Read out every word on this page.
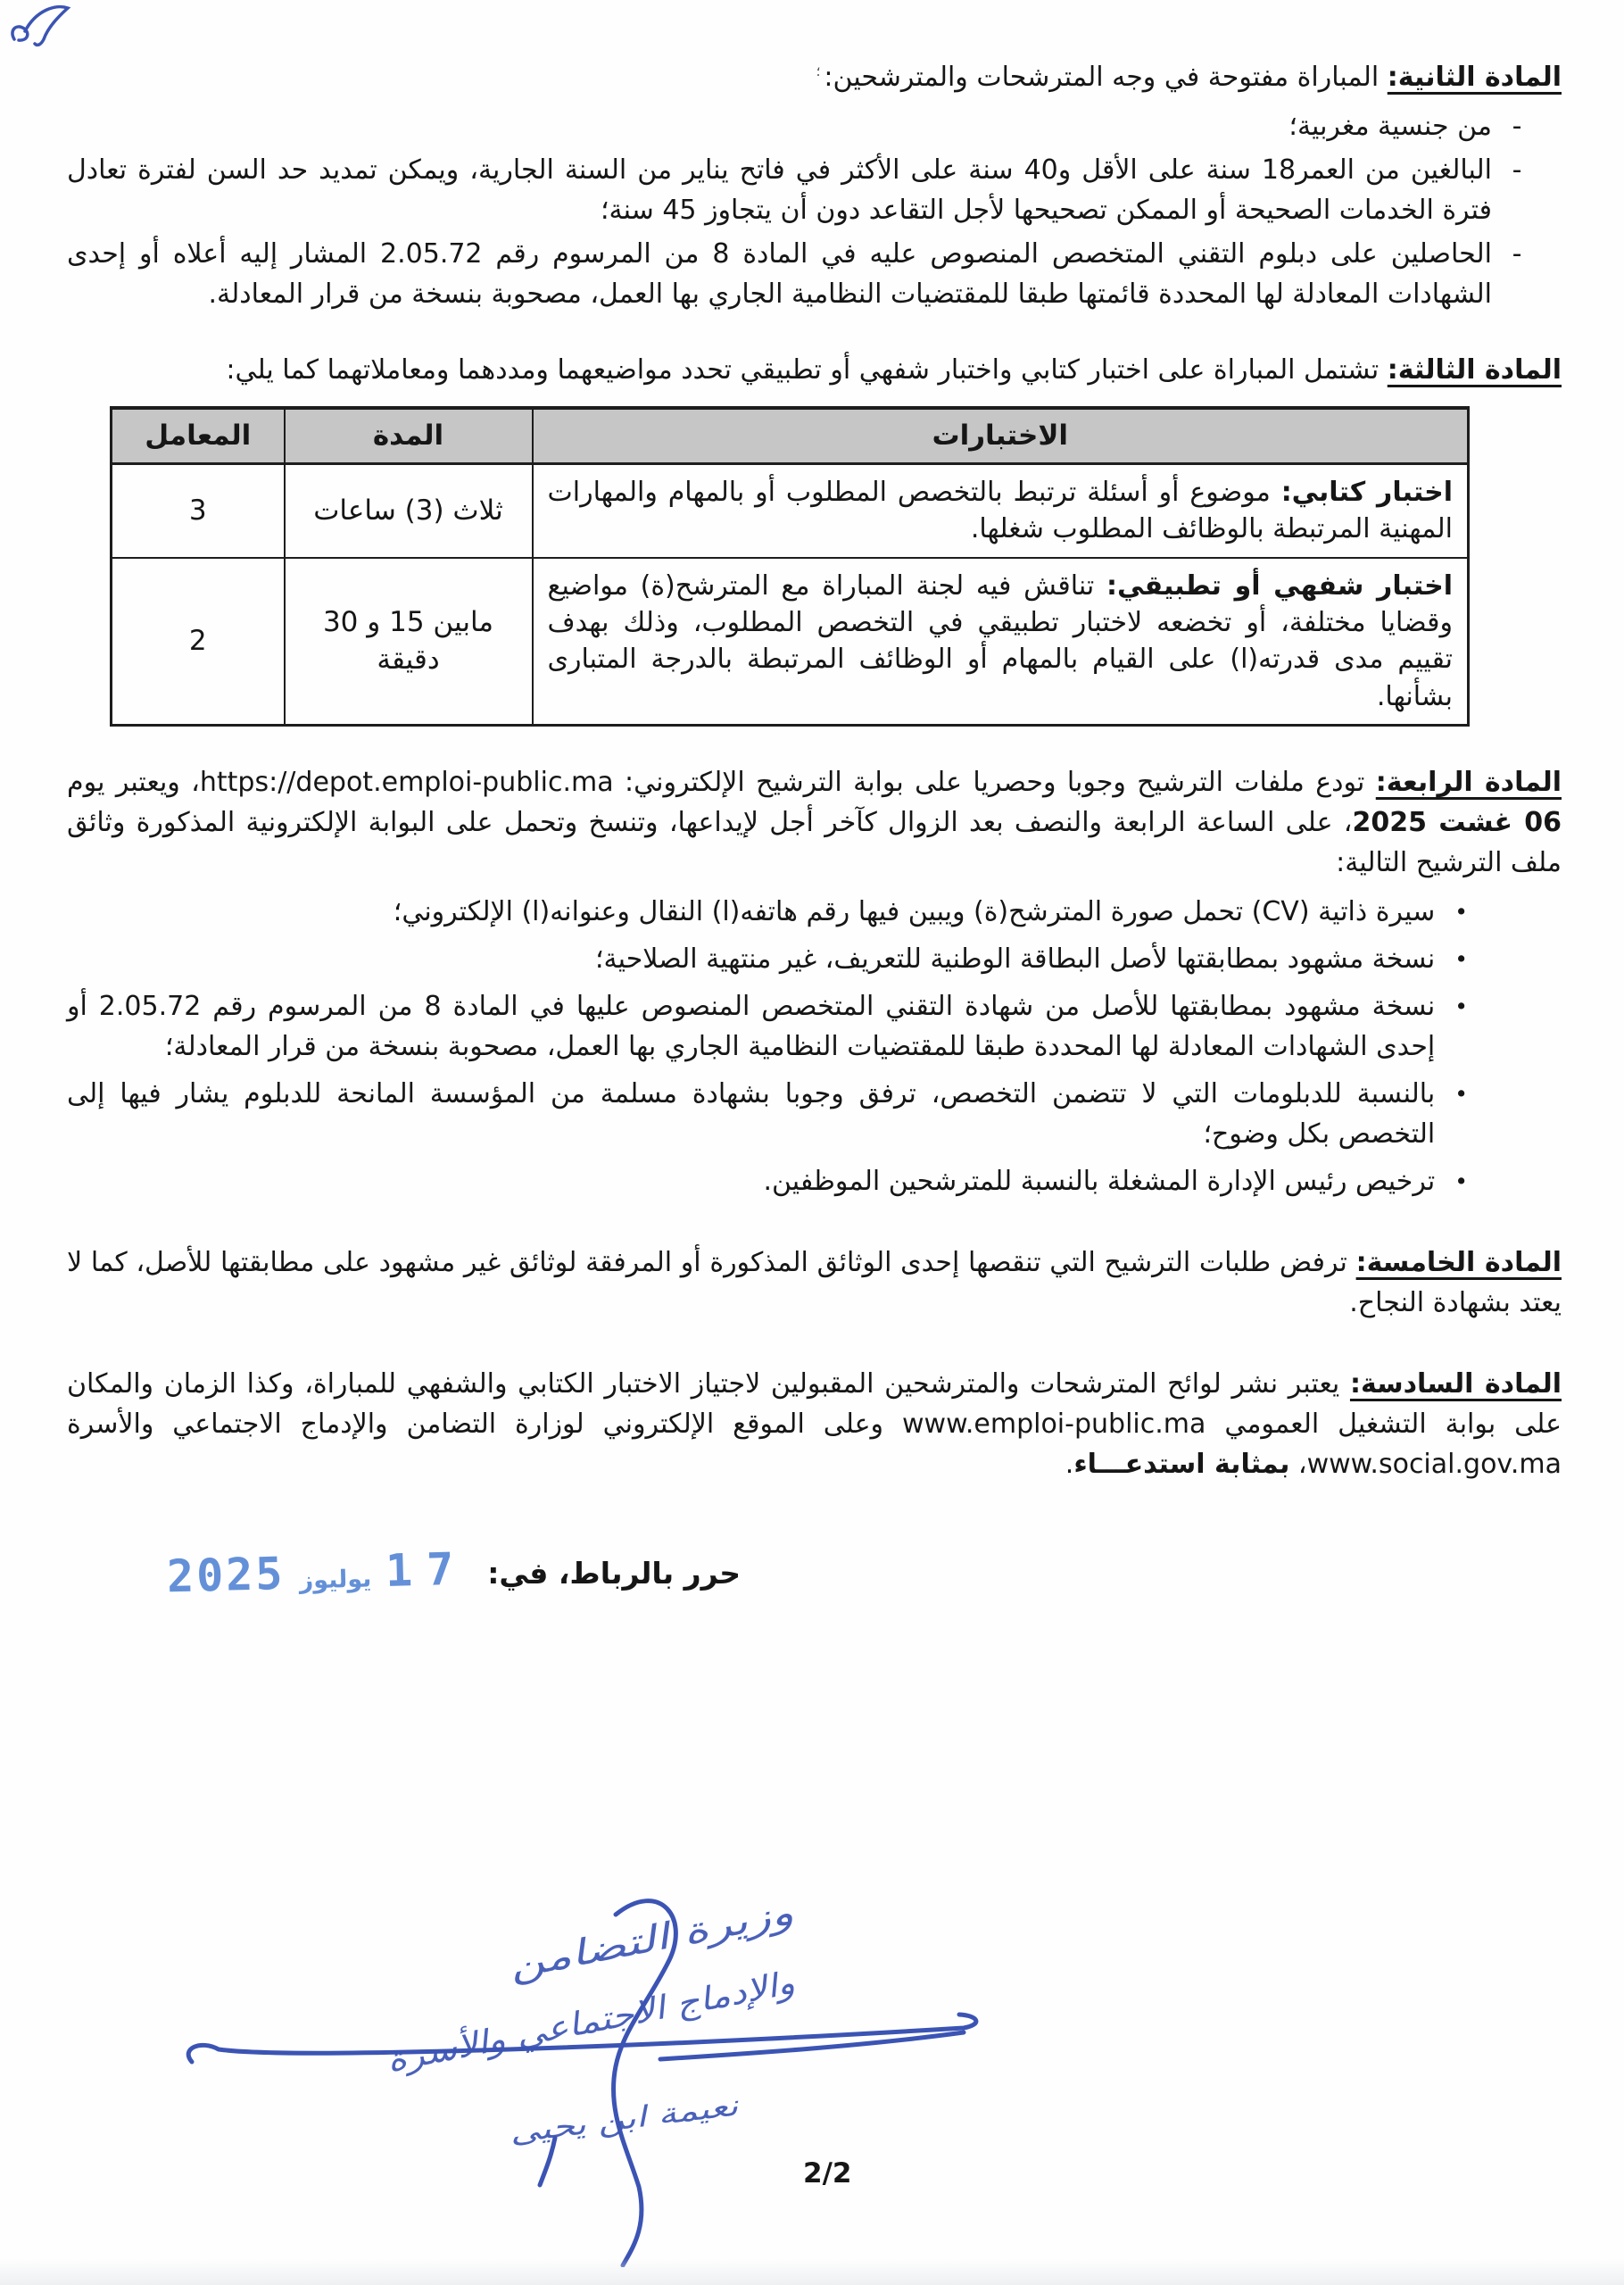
المادة الثانية: المباراة مفتوحة في وجه المترشحات والمترشحين:؛

-

من جنسية مغربية؛

-

البالغين من العمر18 سنة على الأقل و40 سنة على الأكثر في فاتح يناير من السنة الجارية، ويمكن تمديد حد السن لفترة تعادل فترة الخدمات الصحيحة أو الممكن تصحيحها لأجل التقاعد دون أن يتجاوز 45 سنة؛

-

الحاصلين على دبلوم التقني المتخصص المنصوص عليه في المادة 8 من المرسوم رقم 2.05.72 المشار إليه أعلاه أو إحدى الشهادات المعادلة لها المحددة قائمتها طبقا للمقتضيات النظامية الجاري بها العمل، مصحوبة بنسخة من قرار المعادلة.

المادة الثالثة: تشتمل المباراة على اختبار كتابي واختبار شفهي أو تطبيقي تحدد مواضيعهما ومددهما ومعاملاتهما كما يلي:

الاختبارات	المدة	المعامل
اختبار كتابي: موضوع أو أسئلة ترتبط بالتخصص المطلوب أو بالمهام والمهارات المهنية المرتبطة بالوظائف المطلوب شغلها.	ثلاث (3) ساعات	3
اختبار شفهي أو تطبيقي: تناقش فيه لجنة المباراة مع المترشح(ة) مواضيع وقضايا مختلفة، أو تخضعه لاختبار تطبيقي في التخصص المطلوب، وذلك بهدف تقييم مدى قدرته(ا) على القيام بالمهام أو الوظائف المرتبطة بالدرجة المتبارى بشأنها.	مابين 15 و 30 دقيقة	2

المادة الرابعة: تودع ملفات الترشيح وجوبا وحصريا على بوابة الترشيح الإلكتروني: https://depot.emploi-public.ma، ويعتبر يوم 06 غشت 2025، على الساعة الرابعة والنصف بعد الزوال كآخر أجل لإيداعها، وتنسخ وتحمل على البوابة الإلكترونية المذكورة وثائق ملف الترشيح التالية:

•

سيرة ذاتية (CV) تحمل صورة المترشح(ة) ويبين فيها رقم هاتفه(ا) النقال وعنوانه(ا) الإلكتروني؛

•

نسخة مشهود بمطابقتها لأصل البطاقة الوطنية للتعريف، غير منتهية الصلاحية؛

•

نسخة مشهود بمطابقتها للأصل من شهادة التقني المتخصص المنصوص عليها في المادة 8 من المرسوم رقم 2.05.72 أو إحدى الشهادات المعادلة لها المحددة طبقا للمقتضيات النظامية الجاري بها العمل، مصحوبة بنسخة من قرار المعادلة؛

•

بالنسبة للدبلومات التي لا تتضمن التخصص، ترفق وجوبا بشهادة مسلمة من المؤسسة المانحة للدبلوم يشار فيها إلى التخصص بكل وضوح؛

•

ترخيص رئيس الإدارة المشغلة بالنسبة للمترشحين الموظفين.

المادة الخامسة: ترفض طلبات الترشيح التي تنقصها إحدى الوثائق المذكورة أو المرفقة لوثائق غير مشهود على مطابقتها للأصل، كما لا يعتد بشهادة النجاح.

المادة السادسة: يعتبر نشر لوائح المترشحات والمترشحين المقبولين لاجتياز الاختبار الكتابي والشفهي للمباراة، وكذا الزمان والمكان على بوابة التشغيل العمومي www.emploi-public.ma وعلى الموقع الإلكتروني لوزارة التضامن والإدماج الاجتماعي والأسرة www.social.gov.ma، بمثابة استدعـــاء.

حرر بالرباط، في:
17
يوليوز
2025
وزيرة التضامن
والإدماج الاجتماعي والأسرة
نعيمة ابن يحيى
2/2
